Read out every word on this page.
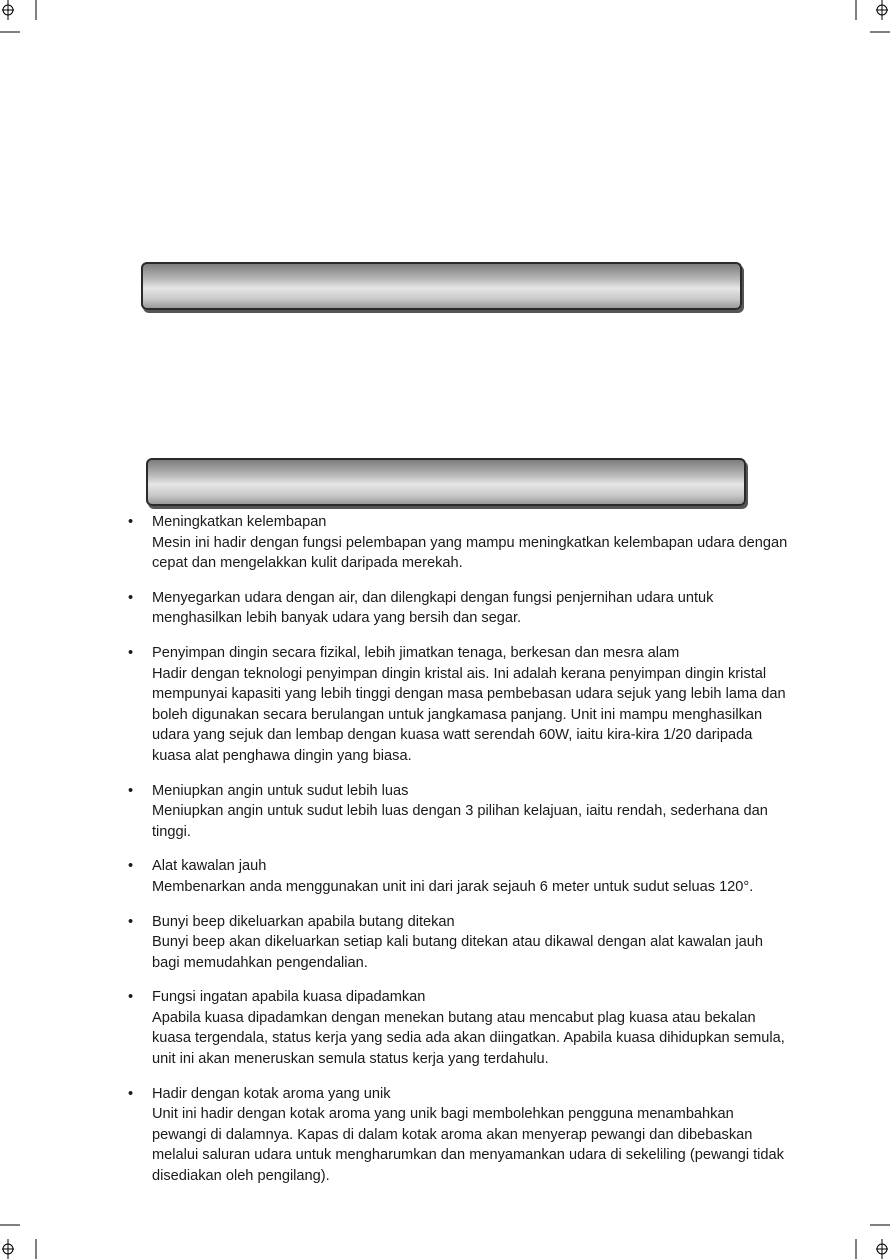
• Meningkatkan kelembapan
Mesin ini hadir dengan fungsi pelembapan yang mampu meningkatkan kelembapan udara dengan cepat dan mengelakkan kulit daripada merekah.
• Menyegarkan udara dengan air, dan dilengkapi dengan fungsi penjernihan udara untuk menghasilkan lebih banyak udara yang bersih dan segar.
• Penyimpan dingin secara fizikal, lebih jimatkan tenaga, berkesan dan mesra alam
Hadir dengan teknologi penyimpan dingin kristal ais. Ini adalah kerana penyimpan dingin kristal mempunyai kapasiti yang lebih tinggi dengan masa pembebasan udara sejuk yang lebih lama dan boleh digunakan secara berulangan untuk jangkamasa panjang. Unit ini mampu menghasilkan udara yang sejuk dan lembap dengan kuasa watt serendah 60W, iaitu kira-kira 1/20 daripada kuasa alat penghawa dingin yang biasa.
• Meniupkan angin untuk sudut lebih luas
Meniupkan angin untuk sudut lebih luas dengan 3 pilihan kelajuan, iaitu rendah, sederhana dan tinggi.
• Alat kawalan jauh
Membenarkan anda menggunakan unit ini dari jarak sejauh 6 meter untuk sudut seluas 120°.
• Bunyi beep dikeluarkan apabila butang ditekan
Bunyi beep akan dikeluarkan setiap kali butang ditekan atau dikawal dengan alat kawalan jauh bagi memudahkan pengendalian.
• Fungsi ingatan apabila kuasa dipadamkan
Apabila kuasa dipadamkan dengan menekan butang atau mencabut plag kuasa atau bekalan kuasa tergendala, status kerja yang sedia ada akan diingatkan. Apabila kuasa dihidupkan semula, unit ini akan meneruskan semula status kerja yang terdahulu.
• Hadir dengan kotak aroma yang unik
Unit ini hadir dengan kotak aroma yang unik bagi membolehkan pengguna menambahkan pewangi di dalamnya. Kapas di dalam kotak aroma akan menyerap pewangi dan dibebaskan melalui saluran udara untuk mengharumkan dan menyamankan udara di sekeliling (pewangi tidak disediakan oleh pengilang).
